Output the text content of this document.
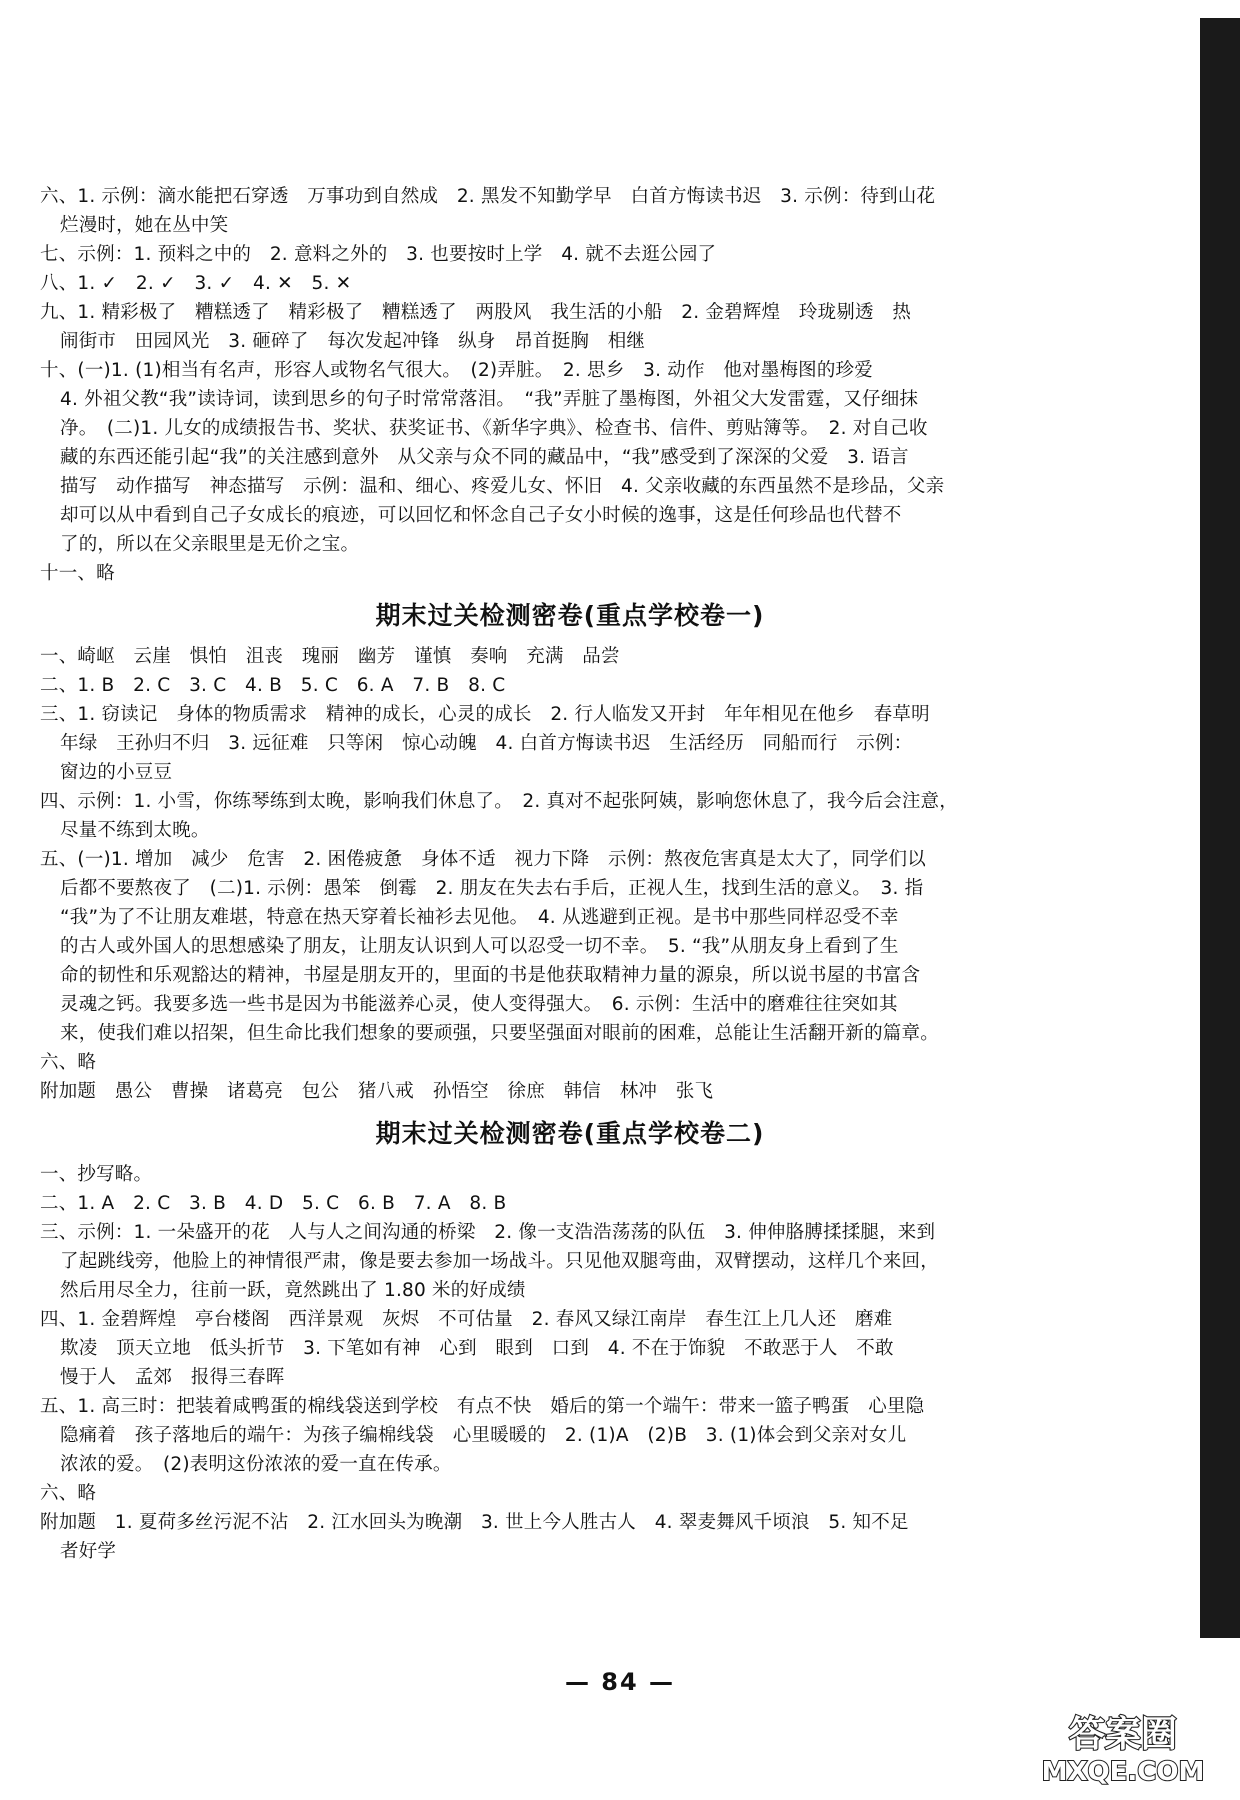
六、1. 示例：滴水能把石穿透　万事功到自然成　2. 黑发不知勤学早　白首方悔读书迟　3. 示例：待到山花
烂漫时，她在丛中笑
七、示例：1. 预料之中的　2. 意料之外的　3. 也要按时上学　4. 就不去逛公园了
八、1. ✓　2. ✓　3. ✓　4. ✕　5. ✕
九、1. 精彩极了　糟糕透了　精彩极了　糟糕透了　两股风　我生活的小船　2. 金碧辉煌　玲珑剔透　热
闹街市　田园风光　3. 砸碎了　每次发起冲锋　纵身　昂首挺胸　相继
十、(一)1. (1)相当有名声，形容人或物名气很大。　(2)弄脏。　2. 思乡　3. 动作　他对墨梅图的珍爱
4. 外祖父教“我”读诗词，读到思乡的句子时常常落泪。　“我”弄脏了墨梅图，外祖父大发雷霆，又仔细抹
净。　(二)1. 儿女的成绩报告书、奖状、获奖证书、《新华字典》、检查书、信件、剪贴簿等。　2. 对自己收
藏的东西还能引起“我”的关注感到意外　从父亲与众不同的藏品中，“我”感受到了深深的父爱　3. 语言
描写　动作描写　神态描写　示例：温和、细心、疼爱儿女、怀旧　4. 父亲收藏的东西虽然不是珍品，父亲
却可以从中看到自己子女成长的痕迹，可以回忆和怀念自己子女小时候的逸事，这是任何珍品也代替不
了的，所以在父亲眼里是无价之宝。
十一、略
期末过关检测密卷(重点学校卷一)
一、崎岖　云崖　惧怕　沮丧　瑰丽　幽芳　谨慎　奏响　充满　品尝
二、1. B　2. C　3. C　4. B　5. C　6. A　7. B　8. C
三、1. 窃读记　身体的物质需求　精神的成长，心灵的成长　2. 行人临发又开封　年年相见在他乡　春草明
年绿　王孙归不归　3. 远征难　只等闲　惊心动魄　4. 白首方悔读书迟　生活经历　同船而行　示例：
窗边的小豆豆
四、示例：1. 小雪，你练琴练到太晚，影响我们休息了。　2. 真对不起张阿姨，影响您休息了，我今后会注意，
尽量不练到太晚。
五、(一)1. 增加　减少　危害　2. 困倦疲惫　身体不适　视力下降　示例：熬夜危害真是太大了，同学们以
后都不要熬夜了　(二)1. 示例：愚笨　倒霉　2. 朋友在失去右手后，正视人生，找到生活的意义。　3. 指
“我”为了不让朋友难堪，特意在热天穿着长袖衫去见他。　4. 从逃避到正视。是书中那些同样忍受不幸
的古人或外国人的思想感染了朋友，让朋友认识到人可以忍受一切不幸。　5. “我”从朋友身上看到了生
命的韧性和乐观豁达的精神，书屋是朋友开的，里面的书是他获取精神力量的源泉，所以说书屋的书富含
灵魂之钙。我要多选一些书是因为书能滋养心灵，使人变得强大。　6. 示例：生活中的磨难往往突如其
来，使我们难以招架，但生命比我们想象的要顽强，只要坚强面对眼前的困难，总能让生活翻开新的篇章。
六、略
附加题　愚公　曹操　诸葛亮　包公　猪八戒　孙悟空　徐庶　韩信　林冲　张飞
期末过关检测密卷(重点学校卷二)
一、抄写略。
二、1. A　2. C　3. B　4. D　5. C　6. B　7. A　8. B
三、示例：1. 一朵盛开的花　人与人之间沟通的桥梁　2. 像一支浩浩荡荡的队伍　3. 伸伸胳膊揉揉腿，来到
了起跳线旁，他脸上的神情很严肃，像是要去参加一场战斗。只见他双腿弯曲，双臂摆动，这样几个来回，
然后用尽全力，往前一跃，竟然跳出了 1.80 米的好成绩
四、1. 金碧辉煌　亭台楼阁　西洋景观　灰烬　不可估量　2. 春风又绿江南岸　春生江上几人还　磨难
欺凌　顶天立地　低头折节　3. 下笔如有神　心到　眼到　口到　4. 不在于饰貌　不敢恶于人　不敢
慢于人　孟郊　报得三春晖
五、1. 高三时：把装着咸鸭蛋的棉线袋送到学校　有点不快　婚后的第一个端午：带来一篮子鸭蛋　心里隐
隐痛着　孩子落地后的端午：为孩子编棉线袋　心里暖暖的　2. (1)A　(2)B　3. (1)体会到父亲对女儿
浓浓的爱。　(2)表明这份浓浓的爱一直在传承。
六、略
附加题　1. 夏荷多丝污泥不沾　2. 江水回头为晚潮　3. 世上今人胜古人　4. 翠麦舞风千顷浪　5. 知不足
者好学
— 84 —
答案圈
MXQE.COM
